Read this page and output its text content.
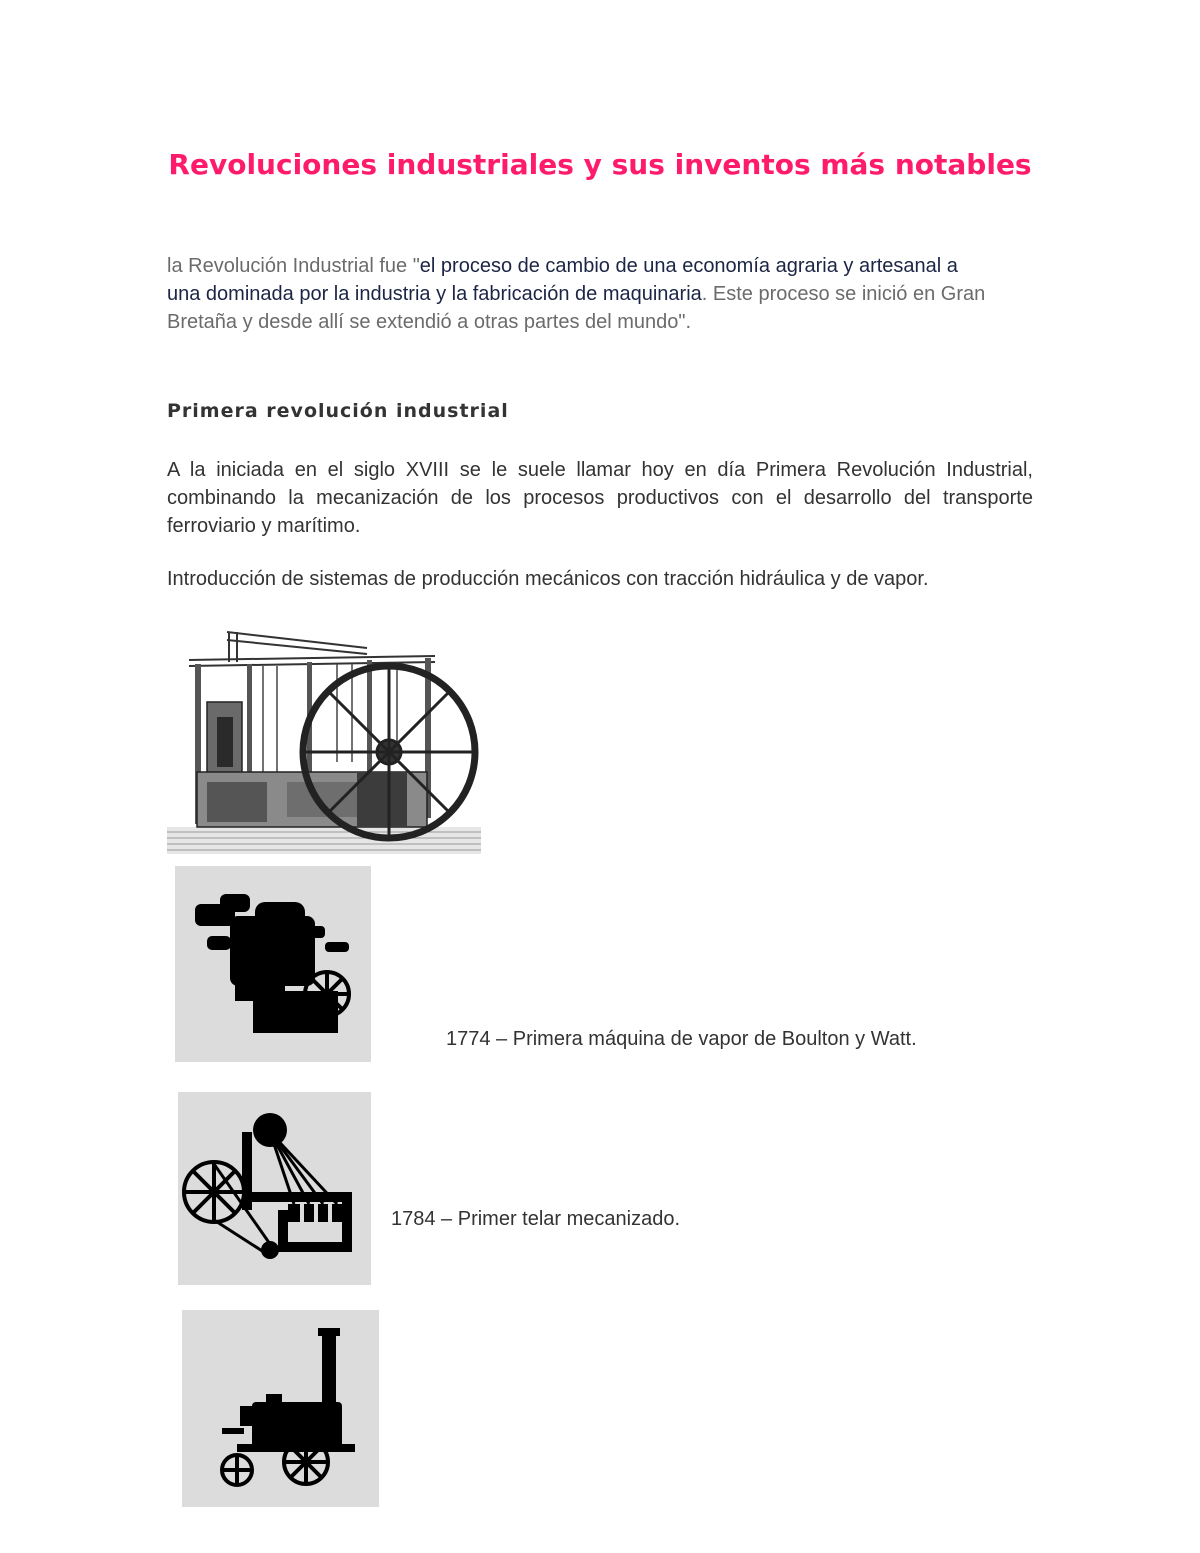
Revoluciones industriales y sus inventos más notables

la Revolución Industrial fue "el proceso de cambio de una economía agraria y artesanal a una dominada por la industria y la fabricación de maquinaria. Este proceso se inició en Gran Bretaña y desde allí se extendió a otras partes del mundo".

Primera revolución industrial

A la iniciada en el siglo XVIII se le suele llamar hoy en día Primera Revolución Industrial, combinando la mecanización de los procesos productivos con el desarrollo del transporte ferroviario y marítimo.

Introducción de sistemas de producción mecánicos con tracción hidráulica y de vapor.

1774 – Primera máquina de vapor de Boulton y Watt.

1784 – Primer telar mecanizado.
